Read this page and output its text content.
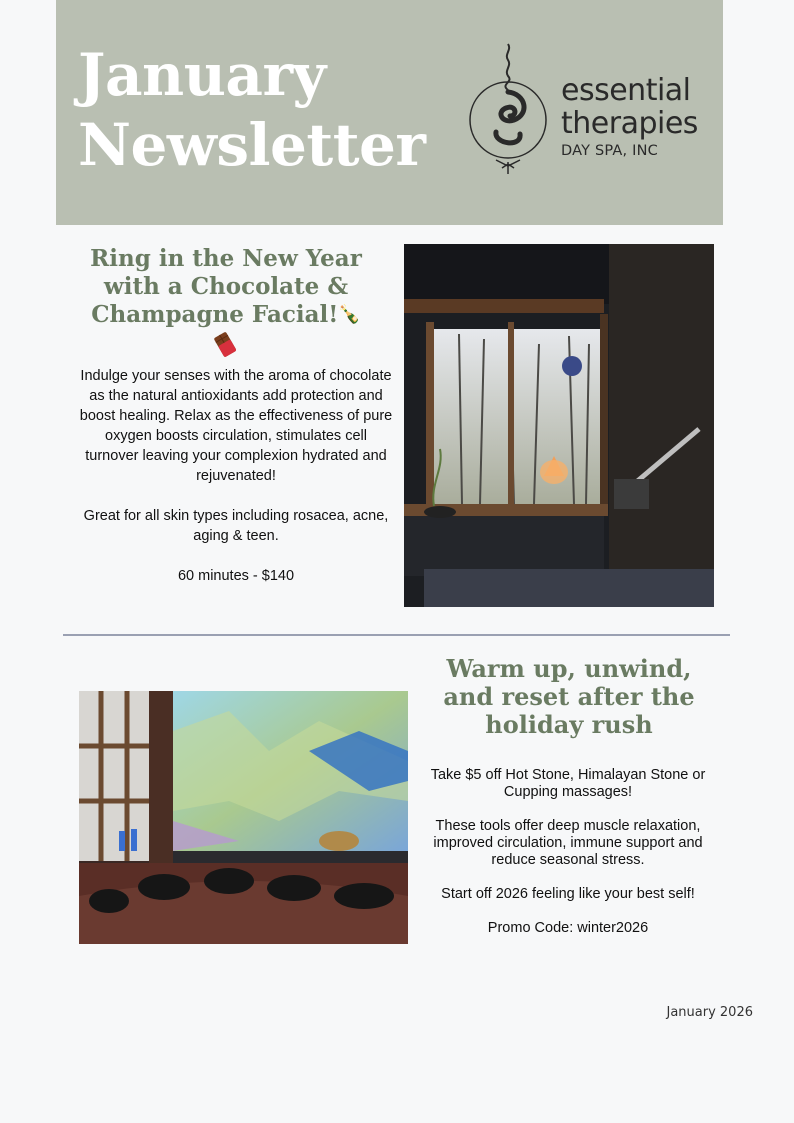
January
Newsletter
essential
therapies
DAY SPA, INC
Ring in the New Year with a Chocolate & Champagne Facial!🍾

Indulge your senses with the aroma of chocolate as the natural antioxidants add protection and boost healing. Relax as the effectiveness of pure oxygen boosts circulation, stimulates cell turnover leaving your complexion hydrated and rejuvenated!

Great for all skin types including rosacea, acne, aging & teen.

60 minutes - $140

Warm up, unwind, and reset after the holiday rush

Take $5 off Hot Stone, Himalayan Stone or Cupping massages!

These tools offer deep muscle relaxation, improved circulation, immune support and reduce seasonal stress.

Start off 2026 feeling like your best self!

Promo Code: winter2026

January 2026
